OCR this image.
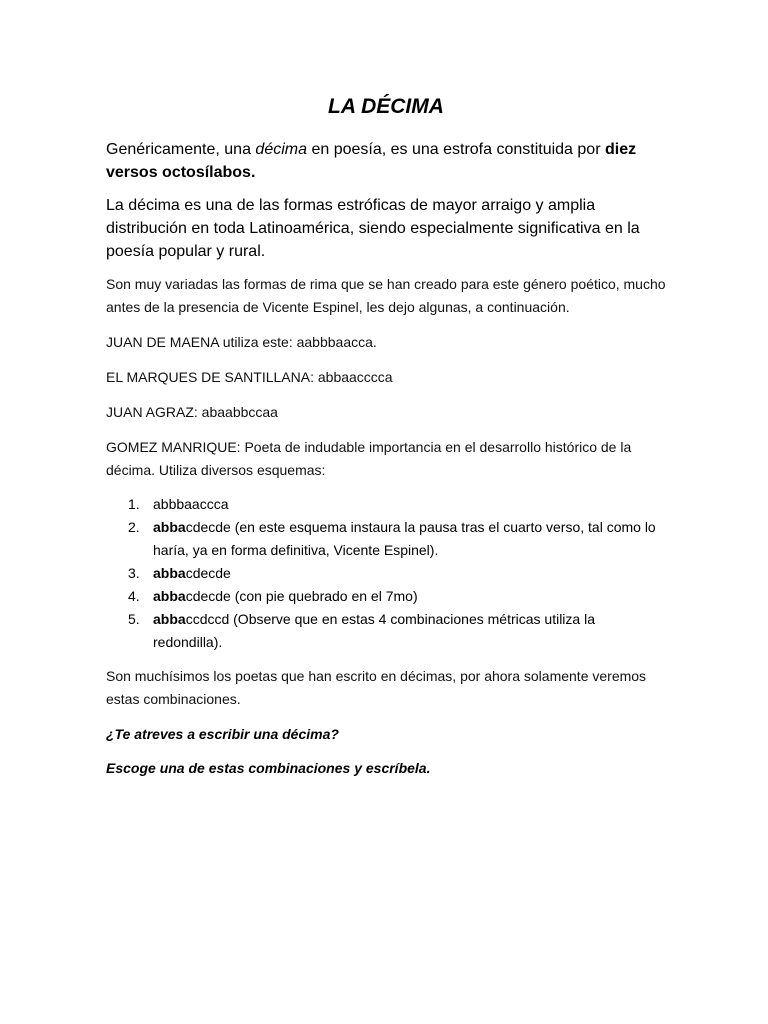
LA DÉCIMA

Genéricamente, una décima en poesía, es una estrofa constituida por diez versos octosílabos.

La décima es una de las formas estróficas de mayor arraigo y amplia distribución en toda Latinoamérica, siendo especialmente significativa en la poesía popular y rural.

Son muy variadas las formas de rima que se han creado para este género poético, mucho antes de la presencia de Vicente Espinel, les dejo algunas, a continuación.

JUAN DE MAENA utiliza este: aabbbaacca.

EL MARQUES DE SANTILLANA: abbaacccca

JUAN AGRAZ: abaabbccaa

GOMEZ MANRIQUE: Poeta de indudable importancia en el desarrollo histórico de la décima. Utiliza diversos esquemas:

1. abbbaaccca
2. abbacdecde (en este esquema instaura la pausa tras el cuarto verso, tal como lo haría, ya en forma definitiva, Vicente Espinel).
3. abbacdecde
4. abbacdecde (con pie quebrado en el 7mo)
5. abbaccdccd (Observe que en estas 4 combinaciones métricas utiliza la redondilla).

Son muchísimos los poetas que han escrito en décimas, por ahora solamente veremos estas combinaciones.

¿Te atreves a escribir una décima?

Escoge una de estas combinaciones y escríbela.
